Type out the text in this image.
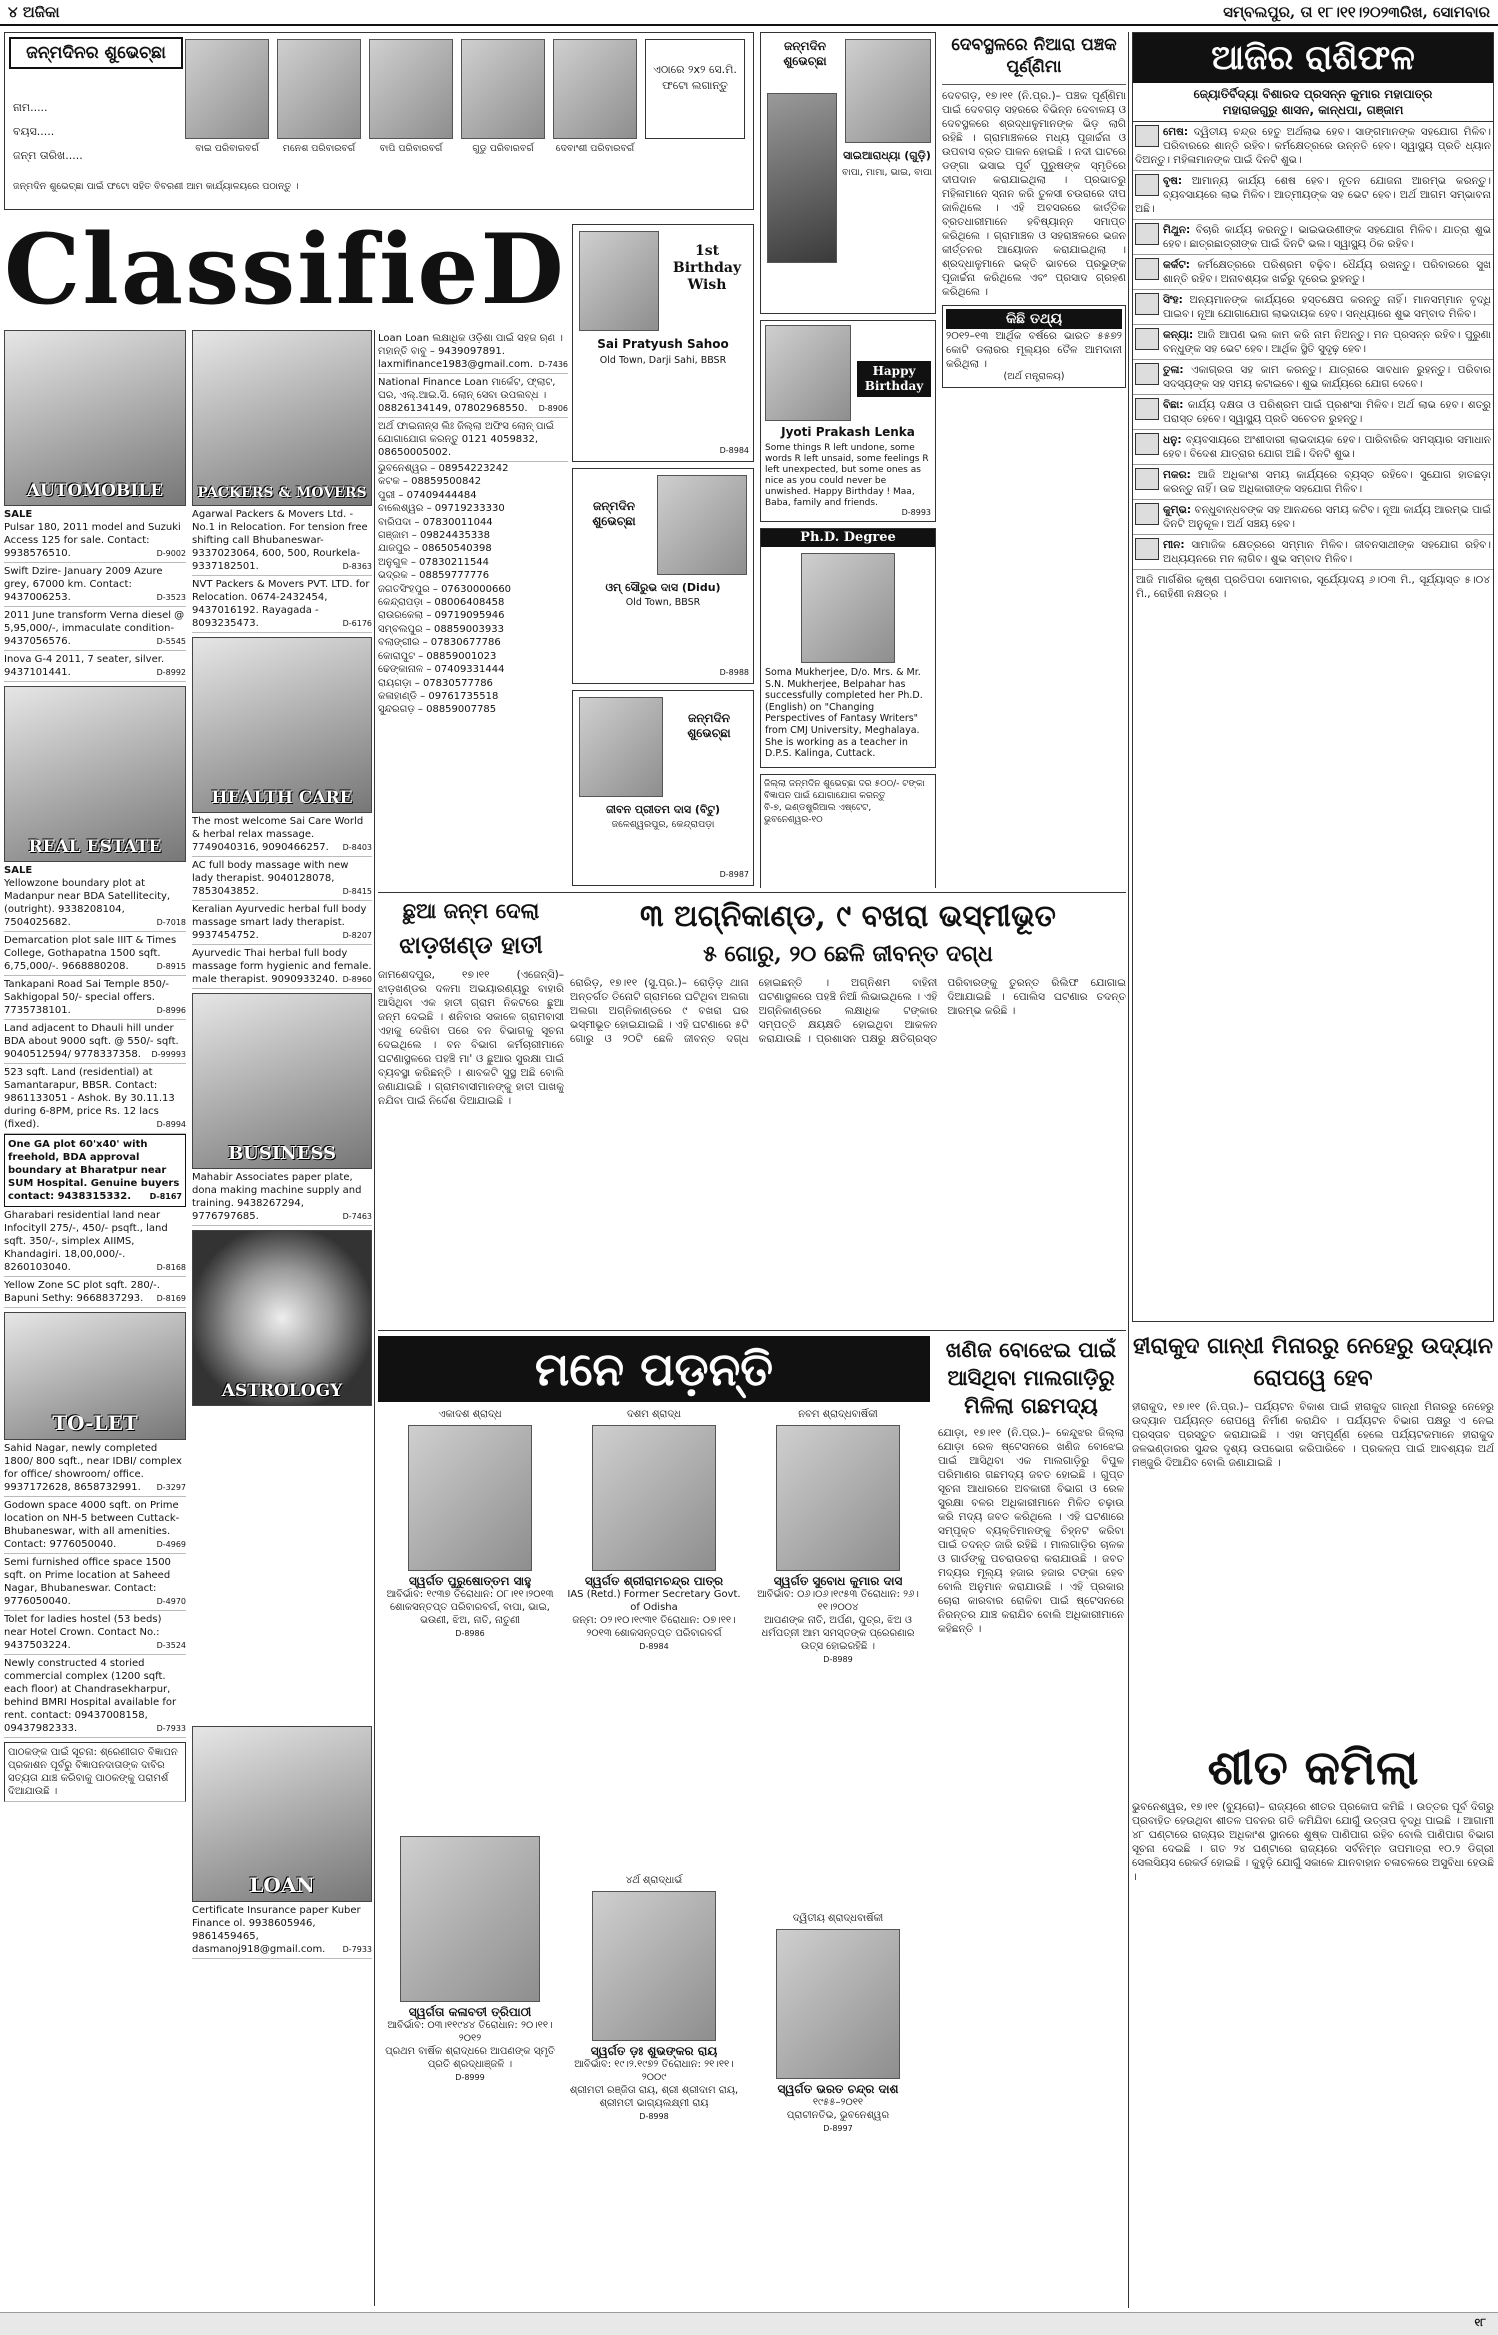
୪ ଅଜିକା	ସମ୍ବଲପୁର, ତା ୧୮।୧୧।୨୦୨୩ରିଖ, ସୋମବାର
ଜନ୍ମଦିନର ଶୁଭେଚ୍ଛା
ନାମ.....
ବୟସ.....
ଜନ୍ମ ତାରିଖ.....
ଏଠାରେ ୨x୨ ସେ.ମି. ଫଟୋ ଲଗାନ୍ତୁ
ବାଇ ପରିବାରବର୍ଗ	ମନେଶ ପରିବାରବର୍ଗ	ବାପି ପରିବାରବର୍ଗ	ଗୁଡୁ ପରିବାରବର୍ଗ	ଦେବାଂଶୀ ପରିବାରବର୍ଗ
ଜନ୍ମଦିନ ଶୁଭେଚ୍ଛା ପାଇଁ ଫଟୋ ସହିତ ବିବରଣୀ ଆମ କାର୍ଯ୍ୟାଳୟରେ ପଠାନ୍ତୁ ।
ClassifieD
AUTOMOBILE
SALE
Pulsar 180, 2011 model and Suzuki Access 125 for sale. Contact: 9938576510.	D-9002
Swift Dzire- January 2009 Azure grey, 67000 km. Contact: 9437006253.	D-3523
2011 June transform Verna diesel @ 5,95,000/-, immaculate condition-9437056576.	D-5545
Inova G-4 2011, 7 seater, silver. 9437101441.	D-8992
REAL ESTATE
SALE
Yellowzone boundary plot at Madanpur near BDA Satellitecity, (outright). 9338208104, 7504025682.	D-7018
Demarcation plot sale IIIT & Times College, Gothapatna 1500 sqft. 6,75,000/-. 9668880208.	D-8915
Tankapani Road Sai Temple 850/- Sakhigopal 50/- special offers. 7735738101.	D-8996
Land adjacent to Dhauli hill under BDA about 9000 sqft. @ 550/- sqft. 9040512594/ 9778337358. D-99993
523 sqft. Land (residential) at Samantarapur, BBSR. Contact: 9861133051 - Ashok. By 30.11.13 during 6-8PM, price Rs. 12 lacs (fixed).	D-8994
One GA plot 60'x40' with freehold, BDA approval boundary at Bharatpur near SUM Hospital. Genuine buyers contact: 9438315332. D-8167
Gharabari residential land near Infocityll 275/-, 450/- psqft., land sqft. 350/-, simplex AIIMS, Khandagiri. 18,00,000/-. 8260103040.	D-8168
Yellow Zone SC plot sqft. 280/-. Bapuni Sethy: 9668837293. D-8169
TO-LET
Sahid Nagar, newly completed 1800/ 800 sqft., near IDBI/ complex for office/ showroom/ office. 9937172628, 8658732991. D-3297
Godown space 4000 sqft. on Prime location on NH-5 between Cuttack- Bhubaneswar, with all amenities. Contact: 9776050040.	D-4969
Semi furnished office space 1500 sqft. on Prime location at Saheed Nagar, Bhubaneswar. Contact: 9776050040.	D-4970
Tolet for ladies hostel (53 beds) near Hotel Crown. Contact No.: 9437503224.	D-3524
Newly constructed 4 storied commercial complex (1200 sqft. each floor) at Chandrasekharpur, behind BMRI Hospital available for rent. contact: 09437008158, 09437982333.	D-7933
ପାଠକଙ୍କ ପାଇଁ ସୂଚନା: ଶ୍ରେଣୀଗତ ବିଜ୍ଞାପନ ପ୍ରକାଶନ ପୂର୍ବରୁ ବିଜ୍ଞାପନଦାତାଙ୍କ ଦାବିର ସତ୍ୟତା ଯାଞ୍ଚ କରିବାକୁ ପାଠକଙ୍କୁ ପରାମର୍ଶ ଦିଆଯାଉଛି ।
PACKERS & MOVERS
Agarwal Packers & Movers Ltd. - No.1 in Relocation. For tension free shifting call Bhubaneswar- 9337023064, 600, 500, Rourkela-9337182501.	D-8363
NVT Packers & Movers PVT. LTD. for Relocation. 0674-2432454, 9437016192. Rayagada - 8093235473.	D-6176
HEALTH CARE
The most welcome Sai Care World & herbal relax massage. 7749040316, 9090466257. D-8403
AC full body massage with new lady therapist. 9040128078, 7853043852.	D-8415
Keralian Ayurvedic herbal full body massage smart lady therapist. 9937454752.	D-8207
Ayurvedic Thai herbal full body massage form hygienic and female. male therapist. 9090933240. D-8960
BUSINESS
Mahabir Associates paper plate, dona making machine supply and training. 9438267294, 9776797685.	D-7463
ASTROLOGY
LOAN
Certificate Insurance paper Kuber Finance ol. 9938605946, 9861459465, dasmanoj918@gmail.com. D-7933
Loan Loan ଲକ୍ଷାଧିକ ଓଡ଼ିଶା ପାଇଁ ସହଜ ଋଣ । ମହାନ୍ତି ବାବୁ – 9439097891. laxmifinance1983@gmail.com. D-7436
National Finance Loan ମାର୍କେଟ, ଫ୍ଲାଟ, ଘର, ଏଲ୍.ଆଇ.ସି. ଲୋନ୍ ସେବା ଉପଲବ୍ଧ । 08826134149, 07802968550. D-8906
ଅର୍ଥ ଫାଇନାନ୍ସ ଲିଃ ଜିଲ୍ଲା ଅଫିସ ଲୋନ୍ ପାଇଁ ଯୋଗାଯୋଗ କରନ୍ତୁ 0121 4059832, 08650005002.
ଭୁବନେଶ୍ୱର – 08954223242
କଟକ – 08859500842
ପୁରୀ – 07409444484
ବାଲେଶ୍ୱର – 09719233330
ବାରିପଦା – 07830011044
ଗଞ୍ଜାମ – 09824435338
ଯାଜପୁର – 08650540398
ଅନୁଗୁଳ – 07830211544
ଭଦ୍ରକ – 08859777776
ଜଗତସିଂହପୁର – 07630000660
କେନ୍ଦ୍ରାପଡ଼ା – 08006408458
ରାଉରକେଲା – 09719095946
ସମ୍ବଲପୁର – 08859003933
ବଲାଙ୍ଗୀର – 07830677786
କୋରାପୁଟ – 08859001023
ଢେଙ୍କାନାଳ – 07409331444
ରାୟଗଡ଼ା – 07830577786
କଳାହାଣ୍ଡି – 09761735518
ସୁନ୍ଦରଗଡ଼ – 08859007785
1st Birthday Wish
Sai Pratyush Sahoo
Old Town, Darji Sahi, BBSR
D-8984
ଜନ୍ମଦିନ ଶୁଭେଚ୍ଛା
ଓମ୍ ସୌରୁଭ ଦାସ (Didu)
Old Town, BBSR
D-8988
ଜନ୍ମଦିନ ଶୁଭେଚ୍ଛା
ଜୀବନ ପ୍ରୀତମ ଦାସ (ବିଟୁ)
ଜଳେଶ୍ୱରପୁର, କେନ୍ଦ୍ରାପଡ଼ା
D-8987
ଜନ୍ମଦିନ ଶୁଭେଚ୍ଛା
ସାଇଆରାଧ୍ୟା (ଗୁଡ଼ି)
ବାପା, ମାମା, ଭାଇ, ବାପା
Happy Birthday
Jyoti Prakash Lenka
Some things R left undone, some words R left unsaid, some feelings R left unexpected, but some ones as nice as you could never be unwished. Happy Birthday ! Maa, Baba, family and friends.
D-8993
Ph.D. Degree
Soma Mukherjee, D/o. Mrs. & Mr. S.N. Mukherjee, Belpahar has successfully completed her Ph.D. (English) on "Changing Perspectives of Fantasy Writers" from CMJ University, Meghalaya. She is working as a teacher in D.P.S. Kalinga, Cuttack.
ଜିଲ୍ଲା ଜନ୍ମଦିନ ଶୁଭେଚ୍ଛା ଦର ୫୦୦/- ଟଙ୍କା
ବିଜ୍ଞାପନ ପାଇଁ ଯୋଗାଯୋଗ କରନ୍ତୁ
ବି-୭, ଇଣ୍ଡଷ୍ଟ୍ରିଆଲ ଏଷ୍ଟେଟ, ଭୁବନେଶ୍ୱର-୧୦
ଦେବସ୍ଥଳରେ ନିଆରା ପଞ୍ଚକ ପୂର୍ଣ୍ଣିମା
ଦେବଗଡ଼, ୧୭।୧୧ (ନି.ପ୍ର.)– ପଞ୍ଚକ ପୂର୍ଣ୍ଣିମା ପାଇଁ ଦେବଗଡ଼ ସହରରେ ବିଭିନ୍ନ ଦେବାଳୟ ଓ ଦେବସ୍ଥଳରେ ଶ୍ରଦ୍ଧାଳୁମାନଙ୍କ ଭିଡ଼ ଲାଗି ରହିଛି । ଗ୍ରାମାଞ୍ଚଳରେ ମଧ୍ୟ ପୂଜାର୍ଚ୍ଚନା ଓ ଉପବାସ ବ୍ରତ ପାଳନ ହୋଇଛି । ନଦୀ ଘାଟରେ ଡଙ୍ଗା ଭସାଇ ପୂର୍ବ ପୁରୁଷଙ୍କ ସ୍ମୃତିରେ ଦୀପଦାନ କରାଯାଇଥିଲା । ପ୍ରଭାତରୁ ମହିଳାମାନେ ସ୍ନାନ କରି ତୁଳସୀ ଚଉରାରେ ଦୀପ ଜାଳିଥିଲେ । ଏହି ଅବସରରେ କାର୍ତ୍ତିକ ବ୍ରତଧାରୀମାନେ ହବିଷ୍ୟାନ୍ନ ସମାପ୍ତ କରିଥିଲେ । ଗ୍ରାମାଞ୍ଚଳ ଓ ସହରାଞ୍ଚଳରେ ଭଜନ କୀର୍ତ୍ତନର ଆୟୋଜନ କରାଯାଇଥିଲା । ଶ୍ରଦ୍ଧାଳୁମାନେ ଭକ୍ତି ଭାବରେ ପ୍ରଭୁଙ୍କ ପୂଜାର୍ଚ୍ଚନା କରିଥିଲେ ଏବଂ ପ୍ରସାଦ ଗ୍ରହଣ କରିଥିଲେ ।
କିଛି ତଥ୍ୟ
୨୦୧୨–୧୩ ଆର୍ଥିକ ବର୍ଷରେ ଭାରତ ୫୫୭୨ କୋଟି ଡଲାରର ମୂଲ୍ୟର ତୈଳ ଆମଦାନୀ କରିଥିଲା ।
(ଅର୍ଥ ମନ୍ତ୍ରାଳୟ)
ଛୁଆ ଜନ୍ମ ଦେଲା
ଝାଡ଼ଖଣ୍ଡ ହାତୀ
ଜାମଶେଦପୁର, ୧୭।୧୧ (ଏଜେନ୍ସି)– ଝାଡ଼ଖଣ୍ଡର ଦଳମା ଅଭୟାରଣ୍ୟରୁ ବାହାରି ଆସିଥିବା ଏକ ହାତୀ ଗ୍ରାମ ନିକଟରେ ଛୁଆ ଜନ୍ମ ଦେଇଛି । ଶନିବାର ସକାଳେ ଗ୍ରାମବାସୀ ଏହାକୁ ଦେଖିବା ପରେ ବନ ବିଭାଗକୁ ସୂଚନା ଦେଇଥିଲେ । ବନ ବିଭାଗ କର୍ମଚାରୀମାନେ ଘଟଣାସ୍ଥଳରେ ପହଞ୍ଚି ମା' ଓ ଛୁଆର ସୁରକ୍ଷା ପାଇଁ ବ୍ୟବସ୍ଥା କରିଛନ୍ତି । ଶାବକଟି ସୁସ୍ଥ ଅଛି ବୋଲି ଜଣାଯାଇଛି । ଗ୍ରାମବାସୀମାନଙ୍କୁ ହାତୀ ପାଖକୁ ନଯିବା ପାଇଁ ନିର୍ଦ୍ଦେଶ ଦିଆଯାଇଛି ।
୩ ଅଗ୍ନିକାଣ୍ଡ, ୯ ବଖରା ଭସ୍ମୀଭୂତ
୫ ଗୋରୁ, ୨୦ ଛେଳି ଜୀବନ୍ତ ଦଗ୍ଧ
ରୋରିଡ଼, ୧୭।୧୧ (ସୁ.ପ୍ର.)– ରୋଡ଼ିଡ଼ ଥାନା ଅନ୍ତର୍ଗତ ତିନୋଟି ଗ୍ରାମରେ ଘଟିଥିବା ଅଲଗା ଅଲଗା ଅଗ୍ନିକାଣ୍ଡରେ ୯ ବଖରା ଘର ଭସ୍ମୀଭୂତ ହୋଇଯାଇଛି । ଏହି ଘଟଣାରେ ୫ଟି ଗୋରୁ ଓ ୨୦ଟି ଛେଳି ଜୀବନ୍ତ ଦଗ୍ଧ ହୋଇଛନ୍ତି । ଅଗ୍ନିଶମ ବାହିନୀ ଘଟଣାସ୍ଥଳରେ ପହଞ୍ଚି ନିଆଁ ଲିଭାଇଥିଲେ । ଏହି ଅଗ୍ନିକାଣ୍ଡରେ ଲକ୍ଷାଧିକ ଟଙ୍କାର ସମ୍ପତ୍ତି କ୍ଷୟକ୍ଷତି ହୋଇଥିବା ଆକଳନ କରାଯାଉଛି । ପ୍ରଶାସନ ପକ୍ଷରୁ କ୍ଷତିଗ୍ରସ୍ତ ପରିବାରଙ୍କୁ ତୁରନ୍ତ ରିଲିଫ ଯୋଗାଇ ଦିଆଯାଇଛି । ପୋଲିସ ଘଟଣାର ତଦନ୍ତ ଆରମ୍ଭ କରିଛି ।
ମନେ ପଡ଼ନ୍ତି
ଏକାଦଶ ଶ୍ରାଦ୍ଧ
ସ୍ୱର୍ଗତ ପୁରୁଷୋତ୍ତମ ସାହୁ
ଆବିର୍ଭାବ: ୧୯୩୭ ତିରୋଧାନ: ୦୮।୧୧।୨୦୧୩
ଶୋକସନ୍ତପ୍ତ ପରିବାରବର୍ଗ, ବାପା, ଭାଇ, ଭଉଣୀ, ଝିଅ, ନାତି, ନାତୁଣୀ
D-8986
ଦଶମ ଶ୍ରାଦ୍ଧ
ସ୍ୱର୍ଗତ ଶ୍ରୀରାମଚନ୍ଦ୍ର ପାତ୍ର
IAS (Retd.) Former Secretary Govt. of Odisha
ଜନ୍ମ: ୦୨।୧୦।୧୯୩୧ ତିରୋଧାନ: ୦୭।୧୧।୨୦୧୩ ଶୋକସନ୍ତପ୍ତ ପରିବାରବର୍ଗ
D-8984
ନବମ ଶ୍ରାଦ୍ଧବାର୍ଷିକୀ
ସ୍ୱର୍ଗତ ସୁବୋଧ କୁମାର ଦାସ
ଆବିର୍ଭାବ: ୦୬।୦୬।୧୯୫୩ ତିରୋଧାନ: ୨୬।୧୧।୨୦୦୪
ଆପଣଙ୍କ ନାତି, ଅର୍ପଣ, ପୁତ୍ର, ଝିଅ ଓ ଧର୍ମପତ୍ନୀ ଆମ ସମସ୍ତଙ୍କ ପ୍ରେରଣାର ଉତ୍ସ ହୋଇରହିଛି ।
D-8989
ସ୍ୱର୍ଗତା କଳାବତୀ ତ୍ରିପାଠୀ
ଆବିର୍ଭାବ: ୦୩।୧୧୯୪୪ ତିରୋଧାନ: ୨୦।୧୧।୨୦୧୨
ପ୍ରଥମ ବାର୍ଷିକ ଶ୍ରାଦ୍ଧରେ ଆପଣଙ୍କ ସ୍ମୃତି ପ୍ରତି ଶ୍ରଦ୍ଧାଞ୍ଜଳି ।
D-8999
୪ର୍ଥ ଶ୍ରାଦ୍ଧାର୍ଭ
ସ୍ୱର୍ଗତ ଡ଼ଃ ଶୁଭଙ୍କର ରାୟ
ଆବିର୍ଭାବ: ୧୯।୨.୧୯୭୨ ତିରୋଧାନ: ୨୧।୧୧।୨୦୦୯
ଶ୍ରୀମତୀ ରଞ୍ଜିତା ରାୟ, ଶ୍ରୀ ଶ୍ରୀଦାମ ରାୟ, ଶ୍ରୀମତୀ ଭାଗ୍ୟଲକ୍ଷ୍ମୀ ରାୟ
D-8998
ଦ୍ୱିତୀୟ ଶ୍ରାଦ୍ଧବାର୍ଷିକୀ
ସ୍ୱର୍ଗତ ଭରତ ଚନ୍ଦ୍ର ଦାଶ
୧୯୫୫–୨୦୧୧
ପ୍ରାଚୀନତିଭ, ଭୁବନେଶ୍ୱର
D-8997
ଖଣିଜ ବୋଝେଇ ପାଇଁ ଆସିଥିବା ମାଲଗାଡ଼ିରୁ ମିଳିଲା ଗଛମଦ୍ୟ
ଯୋଡ଼ା, ୧୭।୧୧ (ନି.ପ୍ର.)– କେନ୍ଦୁଝର ଜିଲ୍ଲା ଯୋଡ଼ା ରେଳ ଷ୍ଟେସନରେ ଖଣିଜ ବୋଝେଇ ପାଇଁ ଆସିଥିବା ଏକ ମାଲଗାଡ଼ିରୁ ବିପୁଳ ପରିମାଣର ଗଛମଦ୍ୟ ଜବତ ହୋଇଛି । ଗୁପ୍ତ ସୂଚନା ଆଧାରରେ ଅବକାରୀ ବିଭାଗ ଓ ରେଳ ସୁରକ୍ଷା ବଳର ଅଧିକାରୀମାନେ ମିଳିତ ଚଢ଼ାଉ କରି ମଦ୍ୟ ଜବତ କରିଥିଲେ । ଏହି ଘଟଣାରେ ସମ୍ପୃକ୍ତ ବ୍ୟକ୍ତିମାନଙ୍କୁ ଚିହ୍ନଟ କରିବା ପାଇଁ ତଦନ୍ତ ଜାରି ରହିଛି । ମାଲଗାଡ଼ିର ଚାଳକ ଓ ଗାର୍ଡଙ୍କୁ ପଚରାଉଚରା କରାଯାଉଛି । ଜବତ ମଦ୍ୟର ମୂଲ୍ୟ ହଜାର ହଜାର ଟଙ୍କା ହେବ ବୋଲି ଅନୁମାନ କରାଯାଉଛି । ଏହି ପ୍ରକାର ଚୋରା କାରବାର ରୋକିବା ପାଇଁ ଷ୍ଟେସନରେ ନିରନ୍ତର ଯାଞ୍ଚ କରାଯିବ ବୋଲି ଅଧିକାରୀମାନେ କହିଛନ୍ତି ।
ଆଜିର ରାଶିଫଳ
ଜ୍ୟୋତିର୍ବିଦ୍ୟା ବିଶାରଦ ପ୍ରସନ୍ନ କୁମାର ମହାପାତ୍ର
ମହାରାଜଗୁରୁ ଶାସନ, କାନ୍ଧପା, ଗଞ୍ଜାମ
ମେଷ: ଦ୍ୱିତୀୟ ଚନ୍ଦ୍ର ହେତୁ ଅର୍ଥଲାଭ ହେବ। ସାଙ୍ଗମାନଙ୍କ ସହଯୋଗ ମିଳିବ। ପରିବାରରେ ଶାନ୍ତି ରହିବ। କର୍ମକ୍ଷେତ୍ରରେ ଉନ୍ନତି ହେବ। ସ୍ୱାସ୍ଥ୍ୟ ପ୍ରତି ଧ୍ୟାନ ଦିଅନ୍ତୁ। ମହିଳାମାନଙ୍କ ପାଇଁ ଦିନଟି ଶୁଭ।
ବୃଷ: ଆମାନ୍ୟ କାର୍ଯ୍ୟ ଶେଷ ହେବ। ନୂତନ ଯୋଜନା ଆରମ୍ଭ କରନ୍ତୁ। ବ୍ୟବସାୟରେ ଲାଭ ମିଳିବ। ଆତ୍ମୀୟଙ୍କ ସହ ଭେଟ ହେବ। ଅର୍ଥ ଆଗମ ସମ୍ଭାବନା ଅଛି।
ମିଥୁନ: ବିଚାରି କାର୍ଯ୍ୟ କରନ୍ତୁ। ଭାଇଭଉଣୀଙ୍କ ସହଯୋଗ ମିଳିବ। ଯାତ୍ରା ଶୁଭ ହେବ। ଛାତ୍ରଛାତ୍ରୀଙ୍କ ପାଇଁ ଦିନଟି ଭଲ। ସ୍ୱାସ୍ଥ୍ୟ ଠିକ ରହିବ।
କର୍କଟ: କର୍ମକ୍ଷେତ୍ରରେ ପରିଶ୍ରମ ବଢ଼ିବ। ଧୈର୍ଯ୍ୟ ରଖନ୍ତୁ। ପରିବାରରେ ସୁଖ ଶାନ୍ତି ରହିବ। ଅନାବଶ୍ୟକ ଖର୍ଚ୍ଚରୁ ଦୂରେଇ ରୁହନ୍ତୁ।
ସିଂହ: ଅନ୍ୟମାନଙ୍କ କାର୍ଯ୍ୟରେ ହସ୍ତକ୍ଷେପ କରନ୍ତୁ ନାହିଁ। ମାନସମ୍ମାନ ବୃଦ୍ଧି ପାଇବ। ନୂଆ ଯୋଗାଯୋଗ ଲାଭଦାୟକ ହେବ। ସନ୍ଧ୍ୟାରେ ଶୁଭ ସମ୍ବାଦ ମିଳିବ।
କନ୍ୟା: ଆଜି ଆପଣ ଭଲ କାମ କରି ନାମ ନିଅନ୍ତୁ। ମନ ପ୍ରସନ୍ନ ରହିବ। ପୁରୁଣା ବନ୍ଧୁଙ୍କ ସହ ଭେଟ ହେବ। ଆର୍ଥିକ ସ୍ଥିତି ସୁଦୃଢ଼ ହେବ।
ତୁଳା: ଏକାଗ୍ରତା ସହ କାମ କରନ୍ତୁ। ଯାତ୍ରାରେ ସାବଧାନ ରୁହନ୍ତୁ। ପରିବାର ସଦସ୍ୟଙ୍କ ସହ ସମୟ କଟାଇବେ। ଶୁଭ କାର୍ଯ୍ୟରେ ଯୋଗ ଦେବେ।
ବିଛା: କାର୍ଯ୍ୟ ଦକ୍ଷତା ଓ ପରିଶ୍ରମ ପାଇଁ ପ୍ରଶଂସା ମିଳିବ। ଅର୍ଥ ଲାଭ ହେବ। ଶତ୍ରୁ ପରାସ୍ତ ହେବେ। ସ୍ୱାସ୍ଥ୍ୟ ପ୍ରତି ସଚେତନ ରୁହନ୍ତୁ।
ଧନୁ: ବ୍ୟବସାୟରେ ଅଂଶୀଦାରୀ ଲାଭଦାୟକ ହେବ। ପାରିବାରିକ ସମସ୍ୟାର ସମାଧାନ ହେବ। ବିଦେଶ ଯାତ୍ରାର ଯୋଗ ଅଛି। ଦିନଟି ଶୁଭ।
ମକର: ଆଜି ଅଧିକାଂଶ ସମୟ କାର୍ଯ୍ୟରେ ବ୍ୟସ୍ତ ରହିବେ। ସୁଯୋଗ ହାତଛଡ଼ା କରନ୍ତୁ ନାହିଁ। ଉଚ୍ଚ ଅଧିକାରୀଙ୍କ ସହଯୋଗ ମିଳିବ।
କୁମ୍ଭ: ବନ୍ଧୁବାନ୍ଧବଙ୍କ ସହ ଆନନ୍ଦରେ ସମୟ କଟିବ। ନୂଆ କାର୍ଯ୍ୟ ଆରମ୍ଭ ପାଇଁ ଦିନଟି ଅନୁକୂଳ। ଅର୍ଥ ସଞ୍ଚୟ ହେବ।
ମୀନ: ସାମାଜିକ କ୍ଷେତ୍ରରେ ସମ୍ମାନ ମିଳିବ। ଜୀବନସାଥୀଙ୍କ ସହଯୋଗ ରହିବ। ଅଧ୍ୟୟନରେ ମନ ଲାଗିବ। ଶୁଭ ସମ୍ବାଦ ମିଳିବ।
ଆଜି ମାର୍ଗଶିର କୃଷ୍ଣ ପ୍ରତିପଦା ସୋମବାର, ସୂର୍ଯ୍ୟୋଦୟ ୬।୦୩ ମି., ସୂର୍ଯ୍ୟାସ୍ତ ୫।୦୪ ମି., ରୋହିଣୀ ନକ୍ଷତ୍ର ।
ହୀରାକୁଦ ଗାନ୍ଧୀ ମିନାରରୁ ନେହେରୁ ଉଦ୍ୟାନ ରୋପୱେ ହେବ
ହୀରାକୁଦ, ୧୭।୧୧ (ନି.ପ୍ର.)– ପର୍ଯ୍ୟଟନ ବିକାଶ ପାଇଁ ହୀରାକୁଦ ଗାନ୍ଧୀ ମିନାରରୁ ନେହେରୁ ଉଦ୍ୟାନ ପର୍ଯ୍ୟନ୍ତ ରୋପୱେ ନିର୍ମାଣ କରାଯିବ । ପର୍ଯ୍ୟଟନ ବିଭାଗ ପକ୍ଷରୁ ଏ ନେଇ ପ୍ରସ୍ତାବ ପ୍ରସ୍ତୁତ କରାଯାଇଛି । ଏହା ସମ୍ପୂର୍ଣ୍ଣ ହେଲେ ପର୍ଯ୍ୟଟକମାନେ ହୀରାକୁଦ ଜଳଭଣ୍ଡାରର ସୁନ୍ଦର ଦୃଶ୍ୟ ଉପଭୋଗ କରିପାରିବେ । ପ୍ରକଳ୍ପ ପାଇଁ ଆବଶ୍ୟକ ଅର୍ଥ ମଞ୍ଜୁରି ଦିଆଯିବ ବୋଲି ଜଣାଯାଇଛି ।
ଶୀତ କମିଲା
ଭୁବନେଶ୍ୱର, ୧୭।୧୧ (ବ୍ୟୁରୋ)– ରାଜ୍ୟରେ ଶୀତର ପ୍ରକୋପ କମିଛି । ଉତ୍ତର ପୂର୍ବ ଦିଗରୁ ପ୍ରବାହିତ ହେଉଥିବା ଶୀତଳ ପବନର ଗତି କମିଯିବା ଯୋଗୁଁ ଉତ୍ତାପ ବୃଦ୍ଧି ପାଇଛି । ଆଗାମୀ ୪୮ ଘଣ୍ଟାରେ ରାଜ୍ୟର ଅଧିକାଂଶ ସ୍ଥାନରେ ଶୁଷ୍କ ପାଣିପାଗ ରହିବ ବୋଲି ପାଣିପାଗ ବିଭାଗ ସୂଚନା ଦେଇଛି । ଗତ ୨୪ ଘଣ୍ଟାରେ ରାଜ୍ୟରେ ସର୍ବନିମ୍ନ ତାପମାତ୍ରା ୧୦.୨ ଡିଗ୍ରୀ ସେଲସିୟସ ରେକର୍ଡ ହୋଇଛି । କୁହୁଡ଼ି ଯୋଗୁଁ ସକାଳେ ଯାନବାହାନ ଚଳାଚଳରେ ଅସୁବିଧା ହେଉଛି ।
୧୮
